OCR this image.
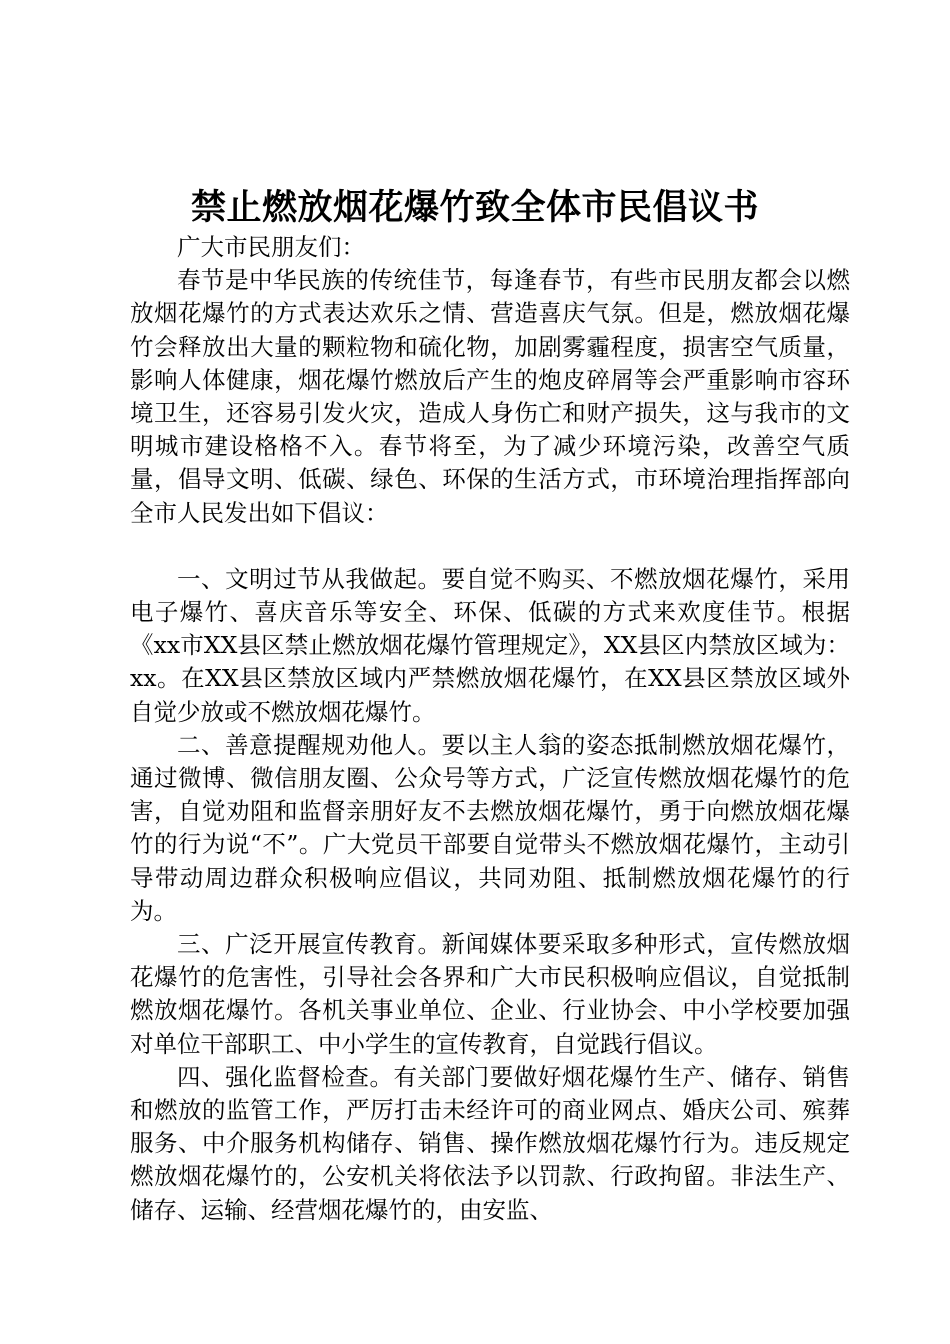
禁止燃放烟花爆竹致全体市民倡议书

广大市民朋友们：

春节是中华民族的传统佳节，每逢春节，有些市民朋友都会以燃放烟花爆竹的方式表达欢乐之情、营造喜庆气氛。但是，燃放烟花爆竹会释放出大量的颗粒物和硫化物，加剧雾霾程度，损害空气质量，影响人体健康，烟花爆竹燃放后产生的炮皮碎屑等会严重影响市容环境卫生，还容易引发火灾，造成人身伤亡和财产损失，这与我市的文明城市建设格格不入。春节将至，为了减少环境污染，改善空气质量，倡导文明、低碳、绿色、环保的生活方式，市环境治理指挥部向全市人民发出如下倡议：

一、文明过节从我做起。要自觉不购买、不燃放烟花爆竹，采用电子爆竹、喜庆音乐等安全、环保、低碳的方式来欢度佳节。根据《xx市XX县区禁止燃放烟花爆竹管理规定》，XX县区内禁放区域为：xx。在XX县区禁放区域内严禁燃放烟花爆竹，在XX县区禁放区域外自觉少放或不燃放烟花爆竹。

二、善意提醒规劝他人。要以主人翁的姿态抵制燃放烟花爆竹，通过微博、微信朋友圈、公众号等方式，广泛宣传燃放烟花爆竹的危害，自觉劝阻和监督亲朋好友不去燃放烟花爆竹，勇于向燃放烟花爆竹的行为说“不”。广大党员干部要自觉带头不燃放烟花爆竹，主动引导带动周边群众积极响应倡议，共同劝阻、抵制燃放烟花爆竹的行为。

三、广泛开展宣传教育。新闻媒体要采取多种形式，宣传燃放烟花爆竹的危害性，引导社会各界和广大市民积极响应倡议，自觉抵制燃放烟花爆竹。各机关事业单位、企业、行业协会、中小学校要加强对单位干部职工、中小学生的宣传教育，自觉践行倡议。

四、强化监督检查。有关部门要做好烟花爆竹生产、储存、销售和燃放的监管工作，严厉打击未经许可的商业网点、婚庆公司、殡葬服务、中介服务机构储存、销售、操作燃放烟花爆竹行为。违反规定燃放烟花爆竹的，公安机关将依法予以罚款、行政拘留。非法生产、储存、运输、经营烟花爆竹的，由安监、
